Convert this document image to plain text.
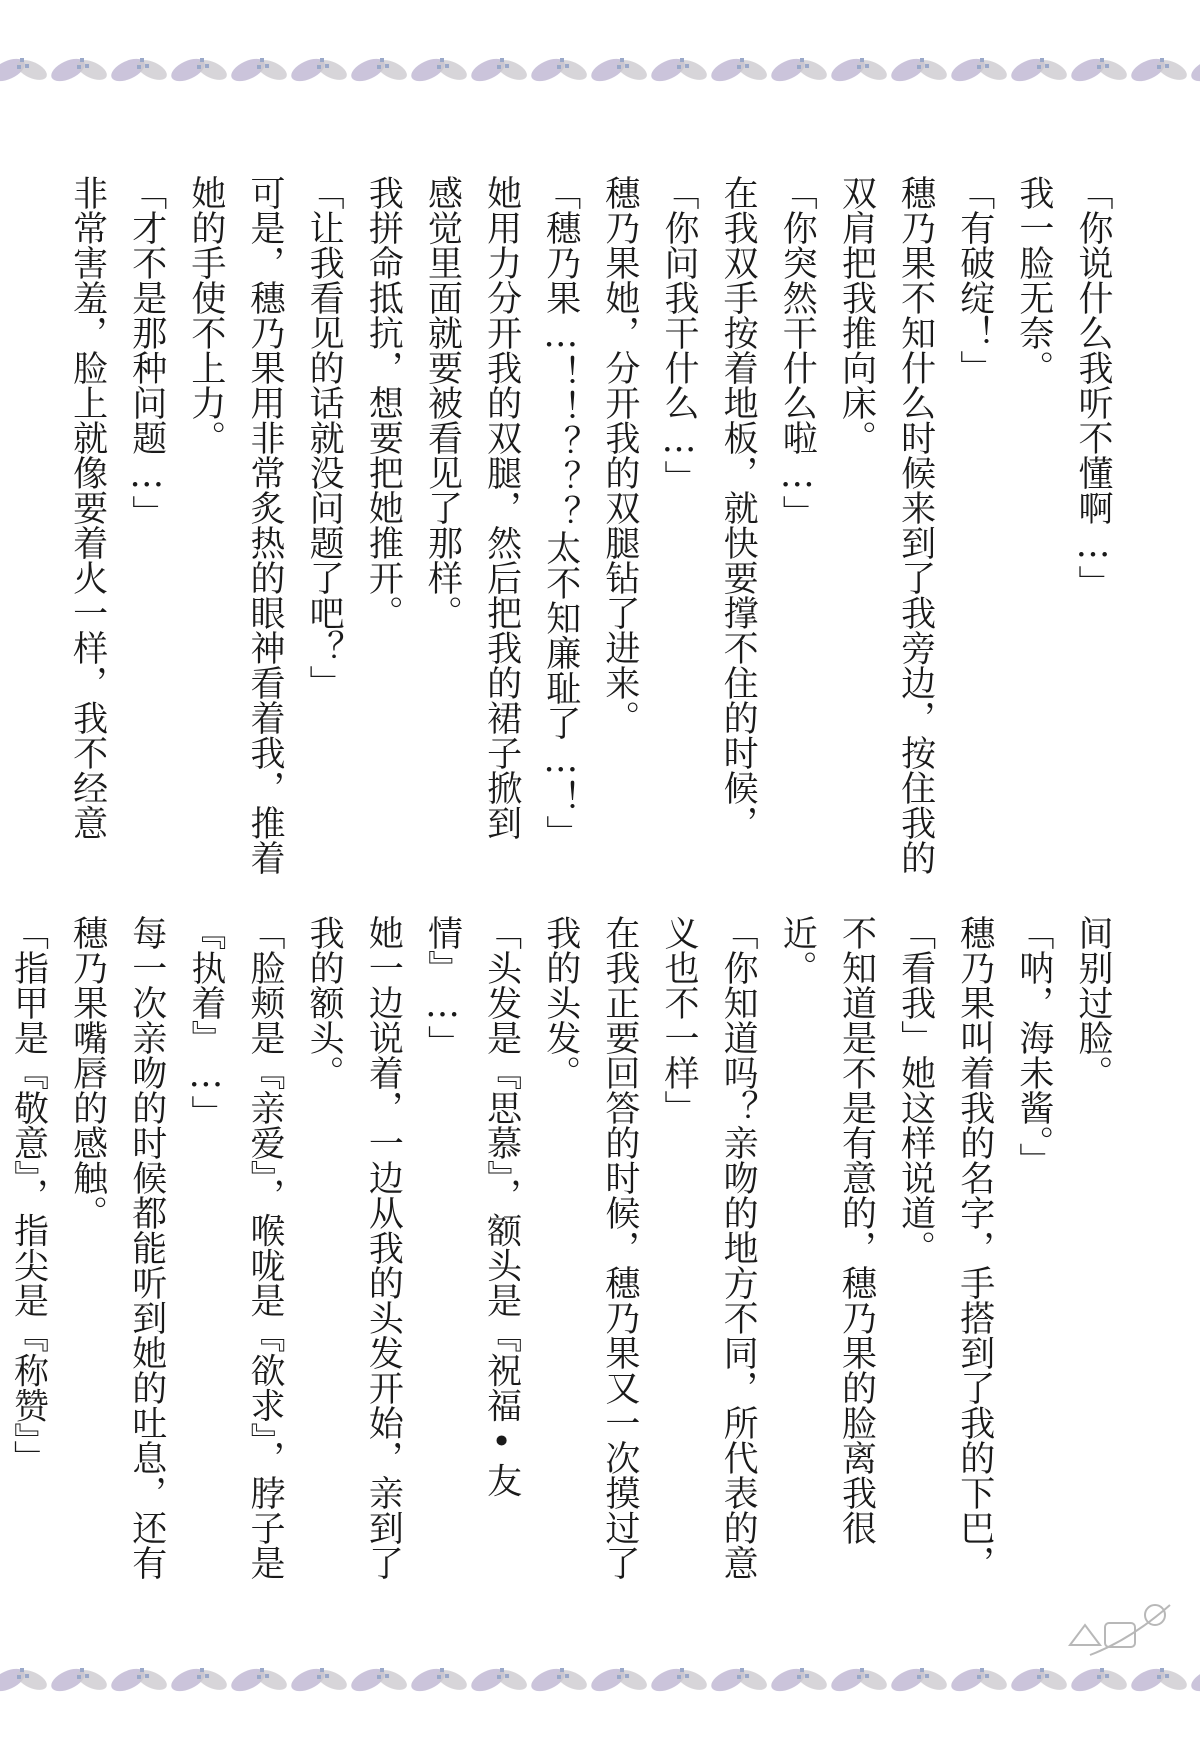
「你说什么我听不懂啊…」

我一脸无奈。

「有破绽！」

穗乃果不知什么时候来到了我旁边，按住我的双肩把我推向床。

「你突然干什么啦…」

在我双手按着地板，就快要撑不住的时候，

「你问我干什么…」

穗乃果她，分开我的双腿钻了进来。

「穗乃果…！！？？？太不知廉耻了…！」

她用力分开我的双腿，然后把我的裙子掀到

感觉里面就要被看见了那样。

我拼命抵抗，想要把她推开。

「让我看见的话就没问题了吧？」

可是，穗乃果用非常炙热的眼神看着我，推着她的手使不上力。

「才不是那种问题…」

非常害羞，脸上就像要着火一样，我不经意

间别过脸。

「呐，海未酱。」

穗乃果叫着我的名字，手搭到了我的下巴，

「看我」她这样说道。

不知道是不是有意的，穗乃果的脸离我很近。

「你知道吗？亲吻的地方不同，所代表的意义也不一样」

在我正要回答的时候，穗乃果又一次摸过了我的头发。

「头发是『思慕』，额头是『祝福•友情』…」

她一边说着，一边从我的头发开始，亲到了我的额头。

「脸颊是『亲爱』，喉咙是『欲求』，脖子是『执着』…」

每一次亲吻的时候都能听到她的吐息，还有穗乃果嘴唇的感触。

「指甲是『敬意』，指尖是『称赞』」
